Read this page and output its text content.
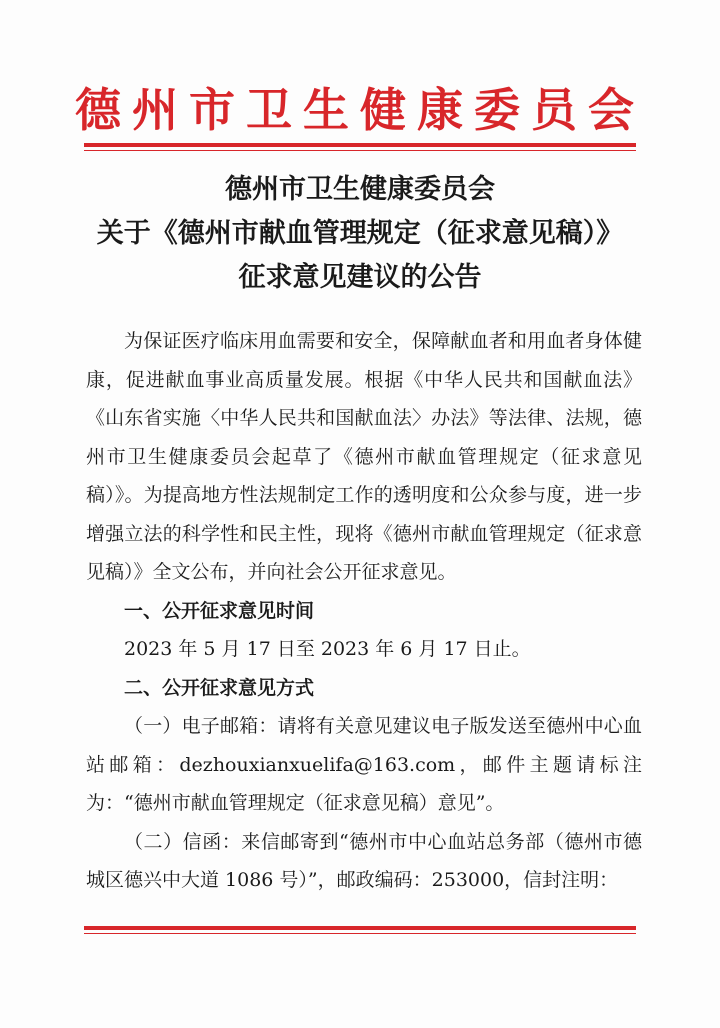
德州市卫生健康委员会
德州市卫生健康委员会
关于《德州市献血管理规定（征求意见稿）》
征求意见建议的公告

为保证医疗临床用血需要和安全，保障献血者和用血者身体健康，促进献血事业高质量发展。根据《中华人民共和国献血法》《山东省实施〈中华人民共和国献血法〉办法》等法律、法规，德州市卫生健康委员会起草了《德州市献血管理规定（征求意见稿）》。为提高地方性法规制定工作的透明度和公众参与度，进一步增强立法的科学性和民主性，现将《德州市献血管理规定（征求意见稿）》全文公布，并向社会公开征求意见。

一、公开征求意见时间

2023 年 5 月 17 日至 2023 年 6 月 17 日止。

二、公开征求意见方式

（一）电子邮箱：请将有关意见建议电子版发送至德州中心血站邮箱：dezhouxianxuelifa@163.com，邮件主题请标注为：“德州市献血管理规定（征求意见稿）意见”。

（二）信函：来信邮寄到“德州市中心血站总务部（德州市德城区德兴中大道 1086 号）”，邮政编码：253000，信封注明：
